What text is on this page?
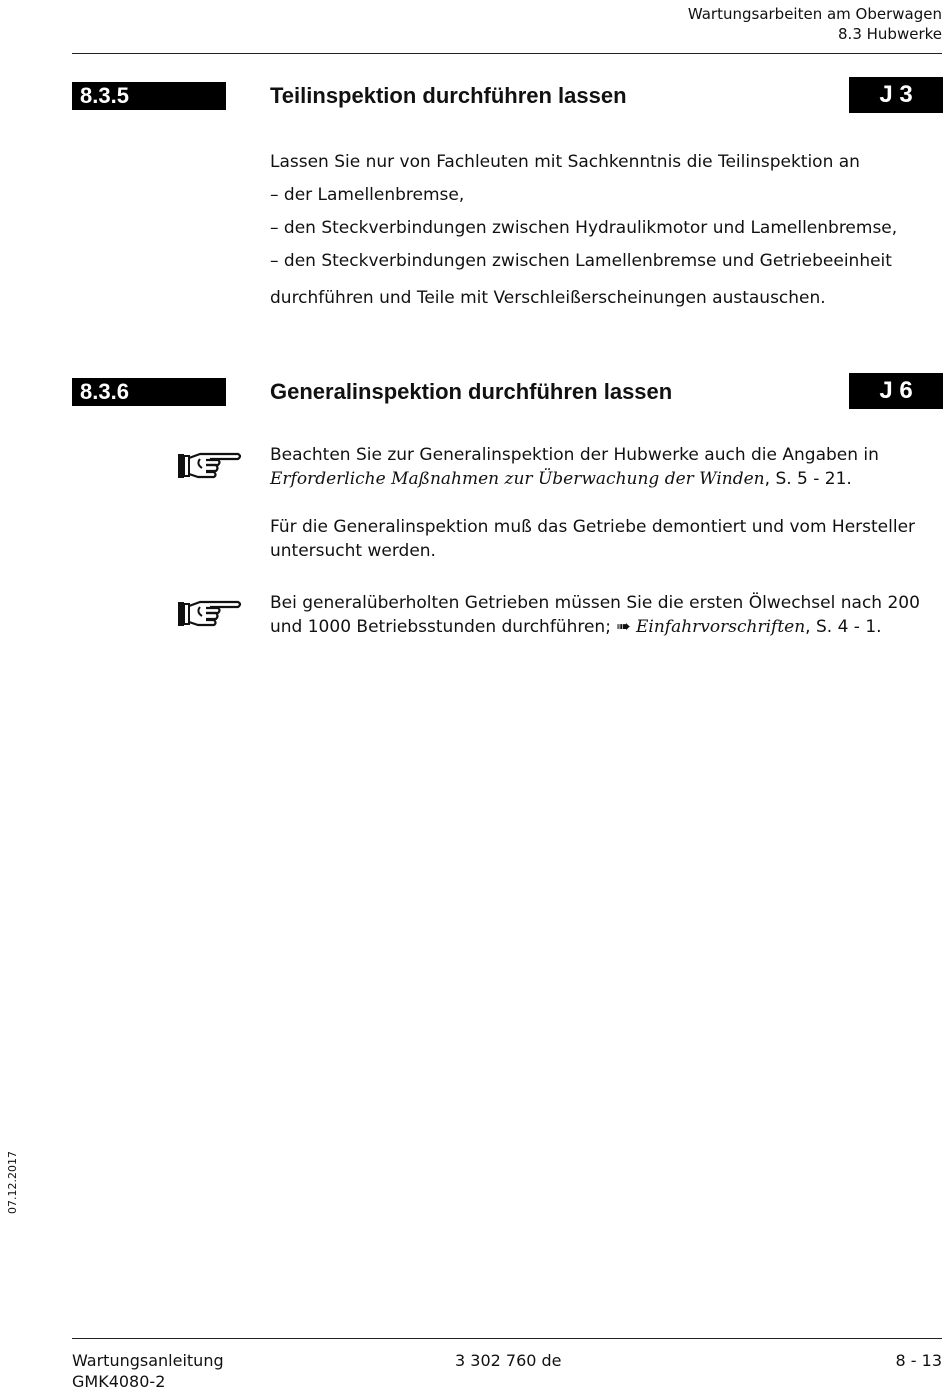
Wartungsarbeiten am Oberwagen
8.3 Hubwerke
8.3.5	Teilinspektion durchführen lassen	J 3
Lassen Sie nur von Fachleuten mit Sachkenntnis die Teilinspektion an
– der Lamellenbremse,
– den Steckverbindungen zwischen Hydraulikmotor und Lamellenbremse,
– den Steckverbindungen zwischen Lamellenbremse und Getriebeeinheit
durchführen und Teile mit Verschleißerscheinungen austauschen.
8.3.6	Generalinspektion durchführen lassen	J 6
Beachten Sie zur Generalinspektion der Hubwerke auch die Angaben in Erforderliche Maßnahmen zur Überwachung der Winden, S. 5 - 21.
Für die Generalinspektion muß das Getriebe demontiert und vom Hersteller untersucht werden.
Bei generalüberholten Getrieben müssen Sie die ersten Ölwechsel nach 200 und 1000 Betriebsstunden durchführen; ➠ Einfahrvorschriften, S. 4 - 1.
07.12.2017
Wartungsanleitung
GMK4080-2
3 302 760 de	8 - 13
